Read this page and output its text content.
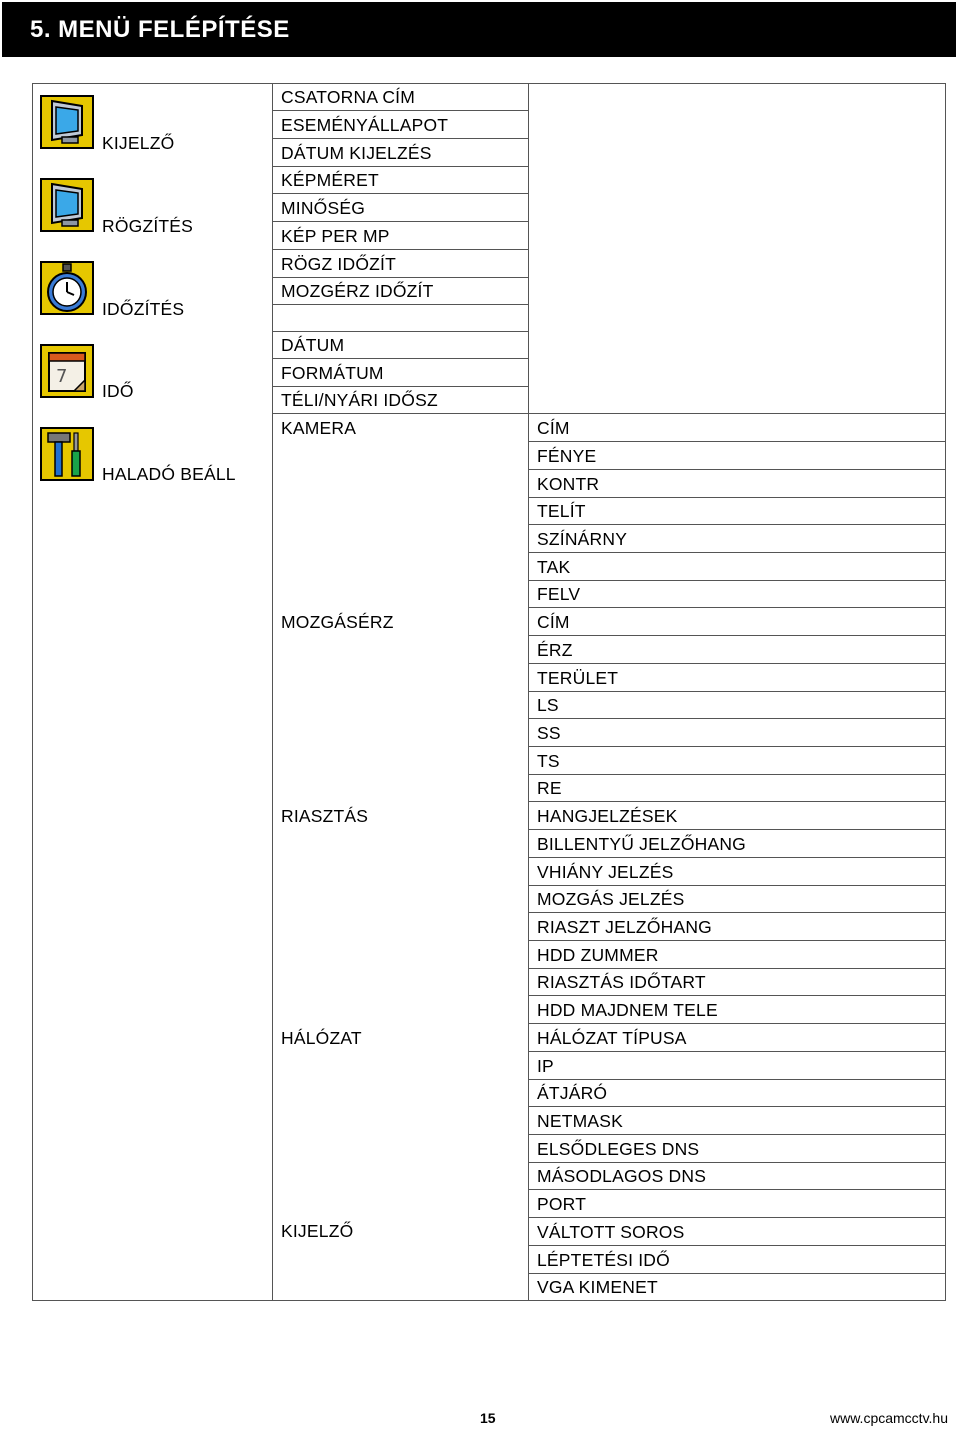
5. MENÜ FELÉPÍTÉSE
7
KIJELZŐ
RÖGZÍTÉS
IDŐZÍTÉS
IDŐ
HALADÓ BEÁLL
CSATORNA CÍM
ESEMÉNYÁLLAPOT
DÁTUM KIJELZÉS
KÉPMÉRET
MINŐSÉG
KÉP PER MP
RÖGZ IDŐZÍT
MOZGÉRZ IDŐZÍT
DÁTUM
FORMÁTUM
TÉLI/NYÁRI IDŐSZ
KAMERA
MOZGÁSÉRZ
RIASZTÁS
HÁLÓZAT
KIJELZŐ
CÍM
FÉNYE
KONTR
TELÍT
SZÍNÁRNY
TAK
FELV
CÍM
ÉRZ
TERÜLET
LS
SS
TS
RE
HANGJELZÉSEK
BILLENTYŰ JELZŐHANG
VHIÁNY JELZÉS
MOZGÁS JELZÉS
RIASZT JELZŐHANG
HDD ZUMMER
RIASZTÁS IDŐTART
HDD MAJDNEM TELE
HÁLÓZAT TÍPUSA
IP
ÁTJÁRÓ
NETMASK
ELSŐDLEGES DNS
MÁSODLAGOS DNS
PORT
VÁLTOTT SOROS
LÉPTETÉSI IDŐ
VGA KIMENET
15	www.cpcamcctv.hu
